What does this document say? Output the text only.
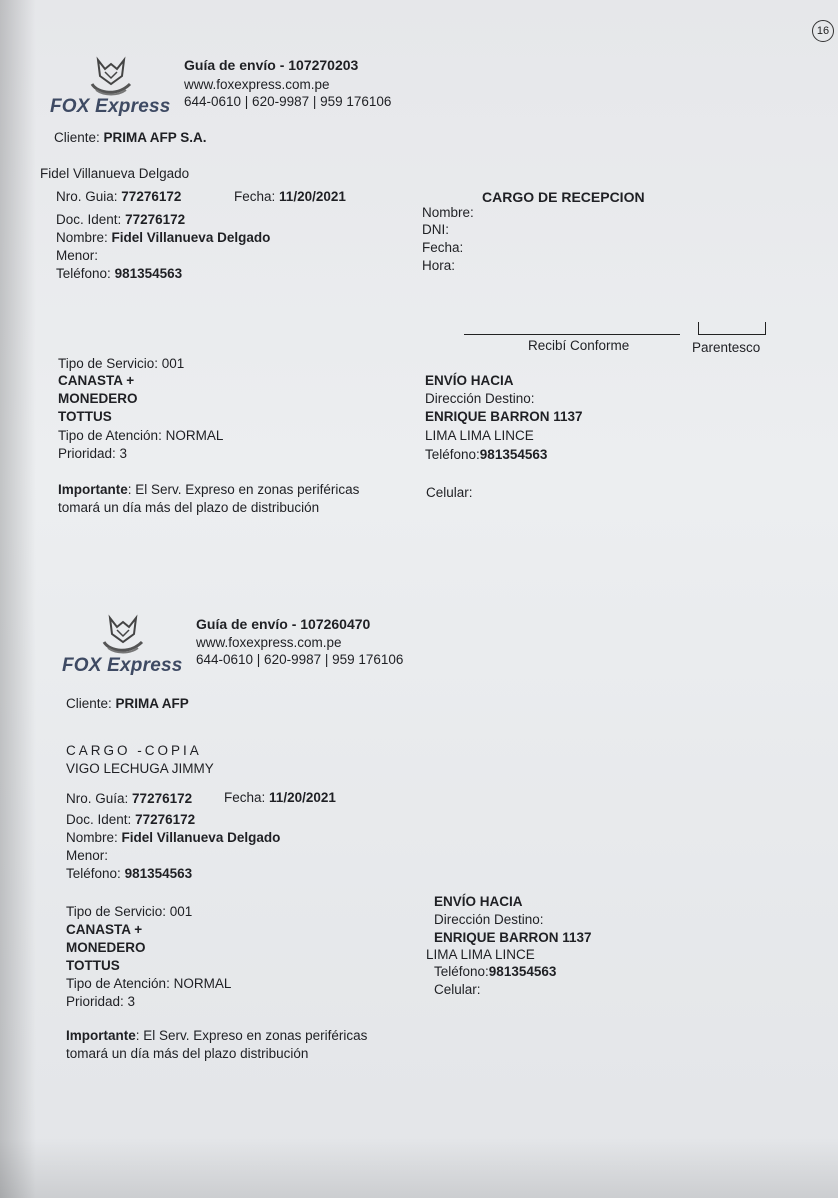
16
FOX Express
Guía de envío - 107270203
www.foxexpress.com.pe
644-0610 | 620-9987 | 959 176106
Cliente: PRIMA AFP S.A.
Fidel Villanueva Delgado
Nro. Guia: 77276172	Fecha: 11/20/2021
Doc. Ident: 77276172
Nombre: Fidel Villanueva Delgado
Menor:
Teléfono: 981354563
CARGO DE RECEPCION
Nombre:
DNI:
Fecha:
Hora:
Recibí Conforme	Parentesco
Tipo de Servicio: 001
CANASTA +
MONEDERO
TOTTUS
Tipo de Atención: NORMAL
Prioridad: 3
ENVÍO HACIA
Dirección Destino:
ENRIQUE BARRON 1137
LIMA LIMA LINCE
Teléfono:981354563
Celular:
Importante: El Serv. Expreso en zonas periféricas
tomará un día más del plazo de distribución
FOX Express
Guía de envío - 107260470
www.foxexpress.com.pe
644-0610 | 620-9987 | 959 176106
Cliente: PRIMA AFP
CARGO -COPIA
VIGO LECHUGA JIMMY
Nro. Guía: 77276172 Fecha: 11/20/2021
Doc. Ident: 77276172
Nombre: Fidel Villanueva Delgado
Menor:
Teléfono: 981354563
Tipo de Servicio: 001
CANASTA +
MONEDERO
TOTTUS
Tipo de Atención: NORMAL
Prioridad: 3
ENVÍO HACIA
Dirección Destino:
ENRIQUE BARRON 1137
LIMA LIMA LINCE
Teléfono:981354563
Celular:
Importante: El Serv. Expreso en zonas periféricas
tomará un día más del plazo distribución
